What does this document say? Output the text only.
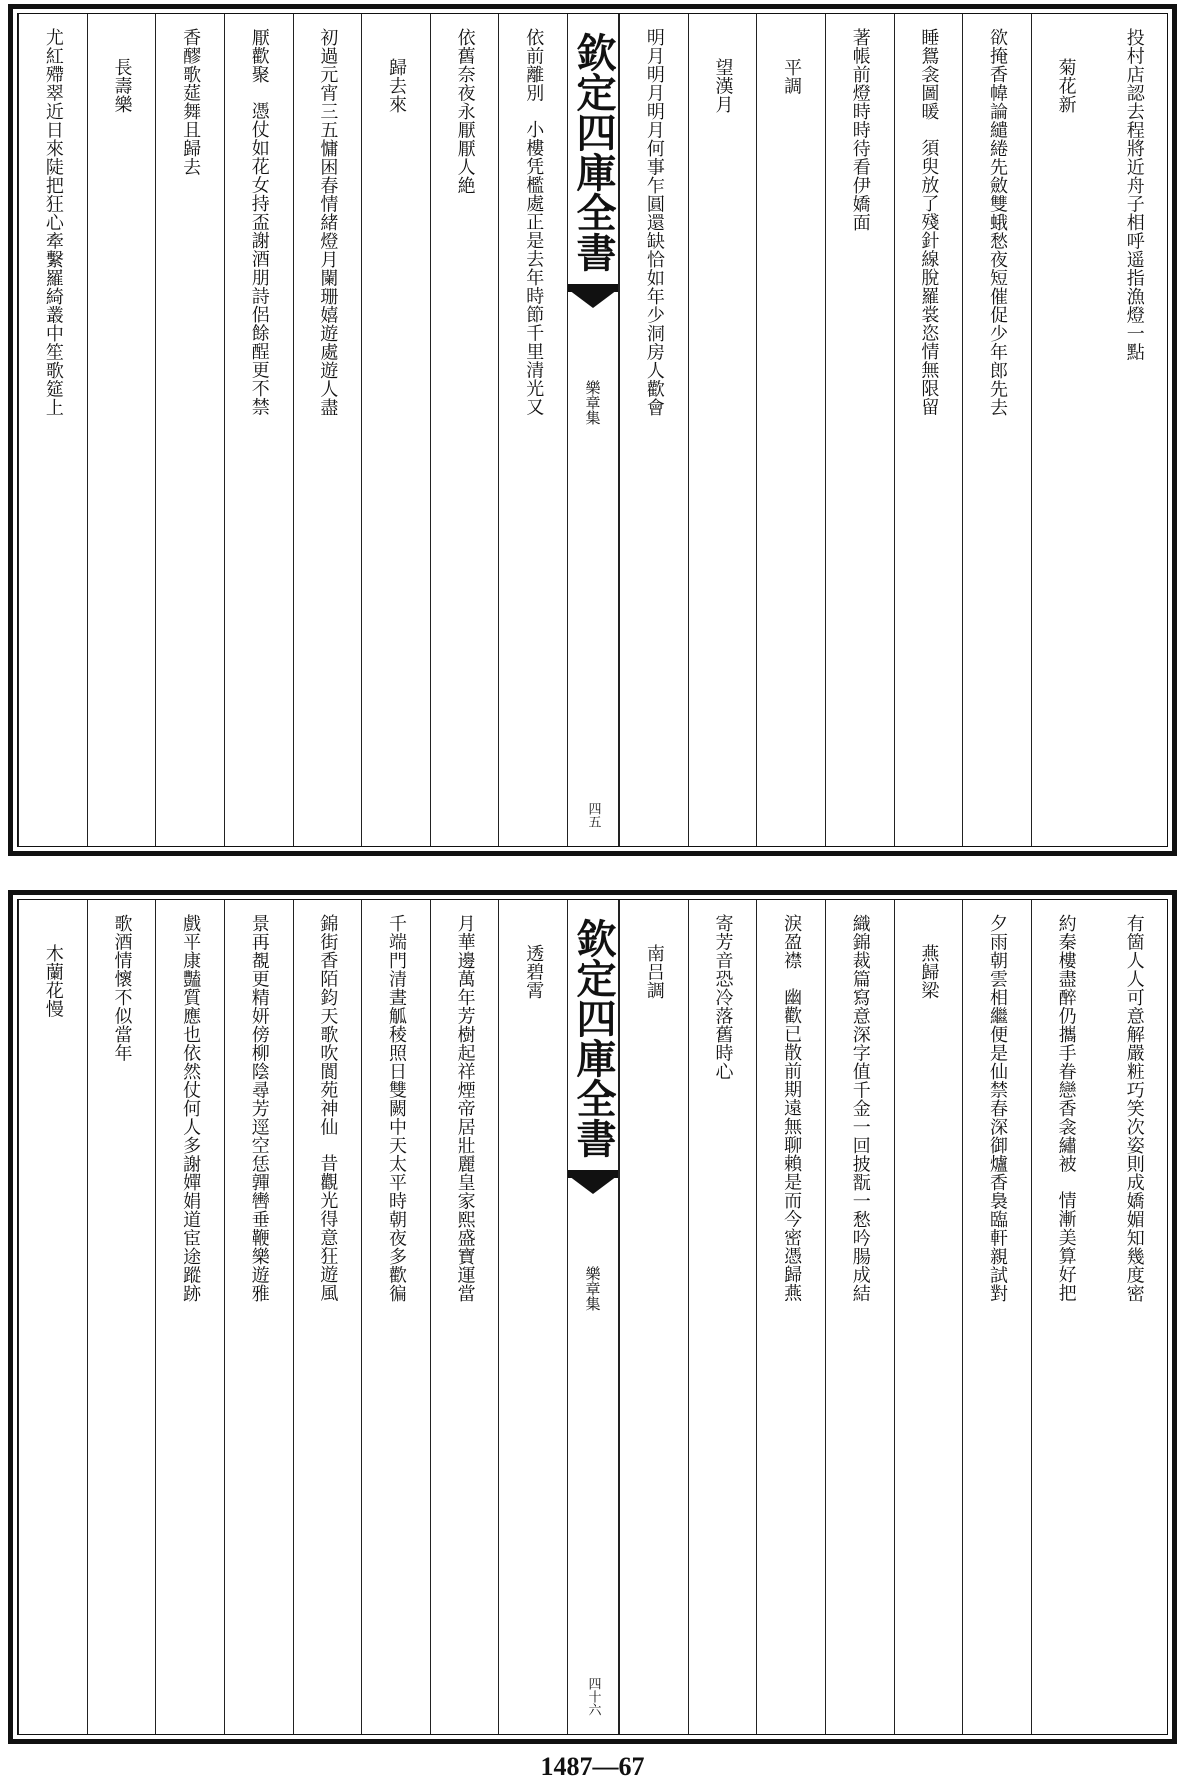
投村店認去程將近舟子相呼遥指漁燈一點
菊花新
欲掩香幃論繾綣先斂雙蛾愁夜短催促少年郎先去
睡鴛衾圖暖須臾放了殘針線脫羅裳恣情無限留
著帳前燈時時待看伊嬌面
平調
望漢月
明月明月明月何事乍圓還缺恰如年少洞房人歡會
欽定四庫全書
樂章集
四五
依前離別小樓凭檻處正是去年時節千里清光又
依舊奈夜永厭厭人絶
歸去來
初過元宵三五慵困春情緒燈月闌珊嬉遊處遊人盡
厭歡聚憑仗如花女持盃謝酒朋詩侶餘酲更不禁
香醪歌莚舞且歸去
長壽樂
尤紅殢翠近日來陡把狂心牽繫羅綺叢中笙歌筵上
有箇人人可意解嚴粧巧笑次姿則成嬌媚知幾度密
約秦樓盡醉仍攜手眷戀香衾繡被情漸美算好把
夕雨朝雲相繼便是仙禁春深御爐香裊臨軒親試對
燕歸梁
織錦裁篇寫意深字值千金一回披翫一愁吟腸成結
淚盈襟幽歡已散前期遠無聊賴是而今密憑歸燕
寄芳音恐冷落舊時心
南吕調
欽定四庫全書
樂章集
四十六
透碧霄
月華邊萬年芳樹起祥煙帝居壯麗皇家熙盛寶運當
千端門清晝觚稜照日雙闕中天太平時朝夜多歡徧
錦街香陌鈞天歌吹閬苑神仙昔觀光得意狂遊風
景再覩更精妍傍柳陰尋芳逕空恁嚲轡垂鞭樂遊雅
戲平康豔質應也依然仗何人多謝嬋娟道宦途蹤跡
歌酒情懷不似當年
木蘭花慢
1487—67
